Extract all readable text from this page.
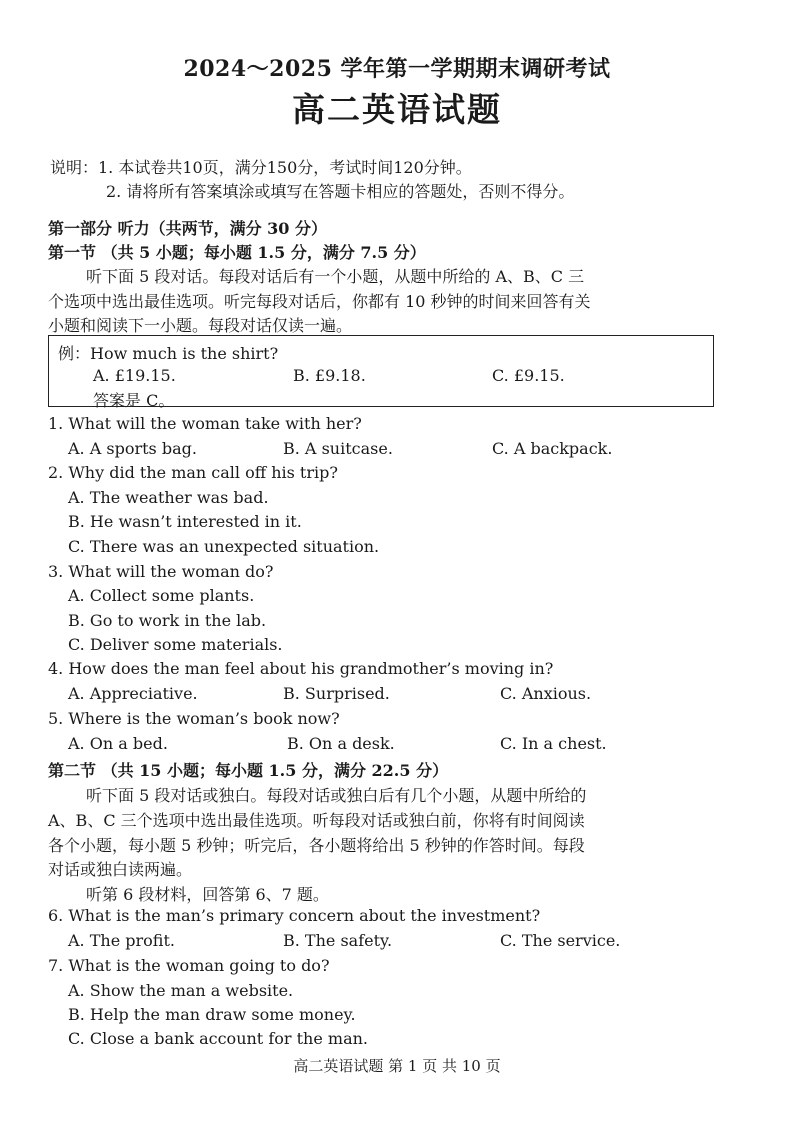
2024～2025 学年第一学期期末调研考试
高二英语试题
说明：1. 本试卷共10页，满分150分，考试时间120分钟。
2. 请将所有答案填涂或填写在答题卡相应的答题处，否则不得分。
第一部分 听力（共两节，满分 30 分）
第一节 （共 5 小题；每小题 1.5 分，满分 7.5 分）
听下面 5 段对话。每段对话后有一个小题，从题中所给的 A、B、C 三
个选项中选出最佳选项。听完每段对话后，你都有 10 秒钟的时间来回答有关
小题和阅读下一小题。每段对话仅读一遍。
例：How much is the shirt?
A. £19.15.	B. £9.18.	C. £9.15.
答案是 C。
1. What will the woman take with her?
A. A sports bag.	B. A suitcase.	C. A backpack.
2. Why did the man call off his trip?
A. The weather was bad.
B. He wasn’t interested in it.
C. There was an unexpected situation.
3. What will the woman do?
A. Collect some plants.
B. Go to work in the lab.
C. Deliver some materials.
4. How does the man feel about his grandmother’s moving in?
A. Appreciative.	B. Surprised.	C. Anxious.
5. Where is the woman’s book now?
A. On a bed.	B. On a desk.	C. In a chest.
第二节 （共 15 小题；每小题 1.5 分，满分 22.5 分）
听下面 5 段对话或独白。每段对话或独白后有几个小题，从题中所给的
A、B、C 三个选项中选出最佳选项。听每段对话或独白前，你将有时间阅读
各个小题，每小题 5 秒钟；听完后，各小题将给出 5 秒钟的作答时间。每段
对话或独白读两遍。
听第 6 段材料，回答第 6、7 题。
6. What is the man’s primary concern about the investment?
A. The profit.	B. The safety.	C. The service.
7. What is the woman going to do?
A. Show the man a website.
B. Help the man draw some money.
C. Close a bank account for the man.
高二英语试题 第 1 页 共 10 页
